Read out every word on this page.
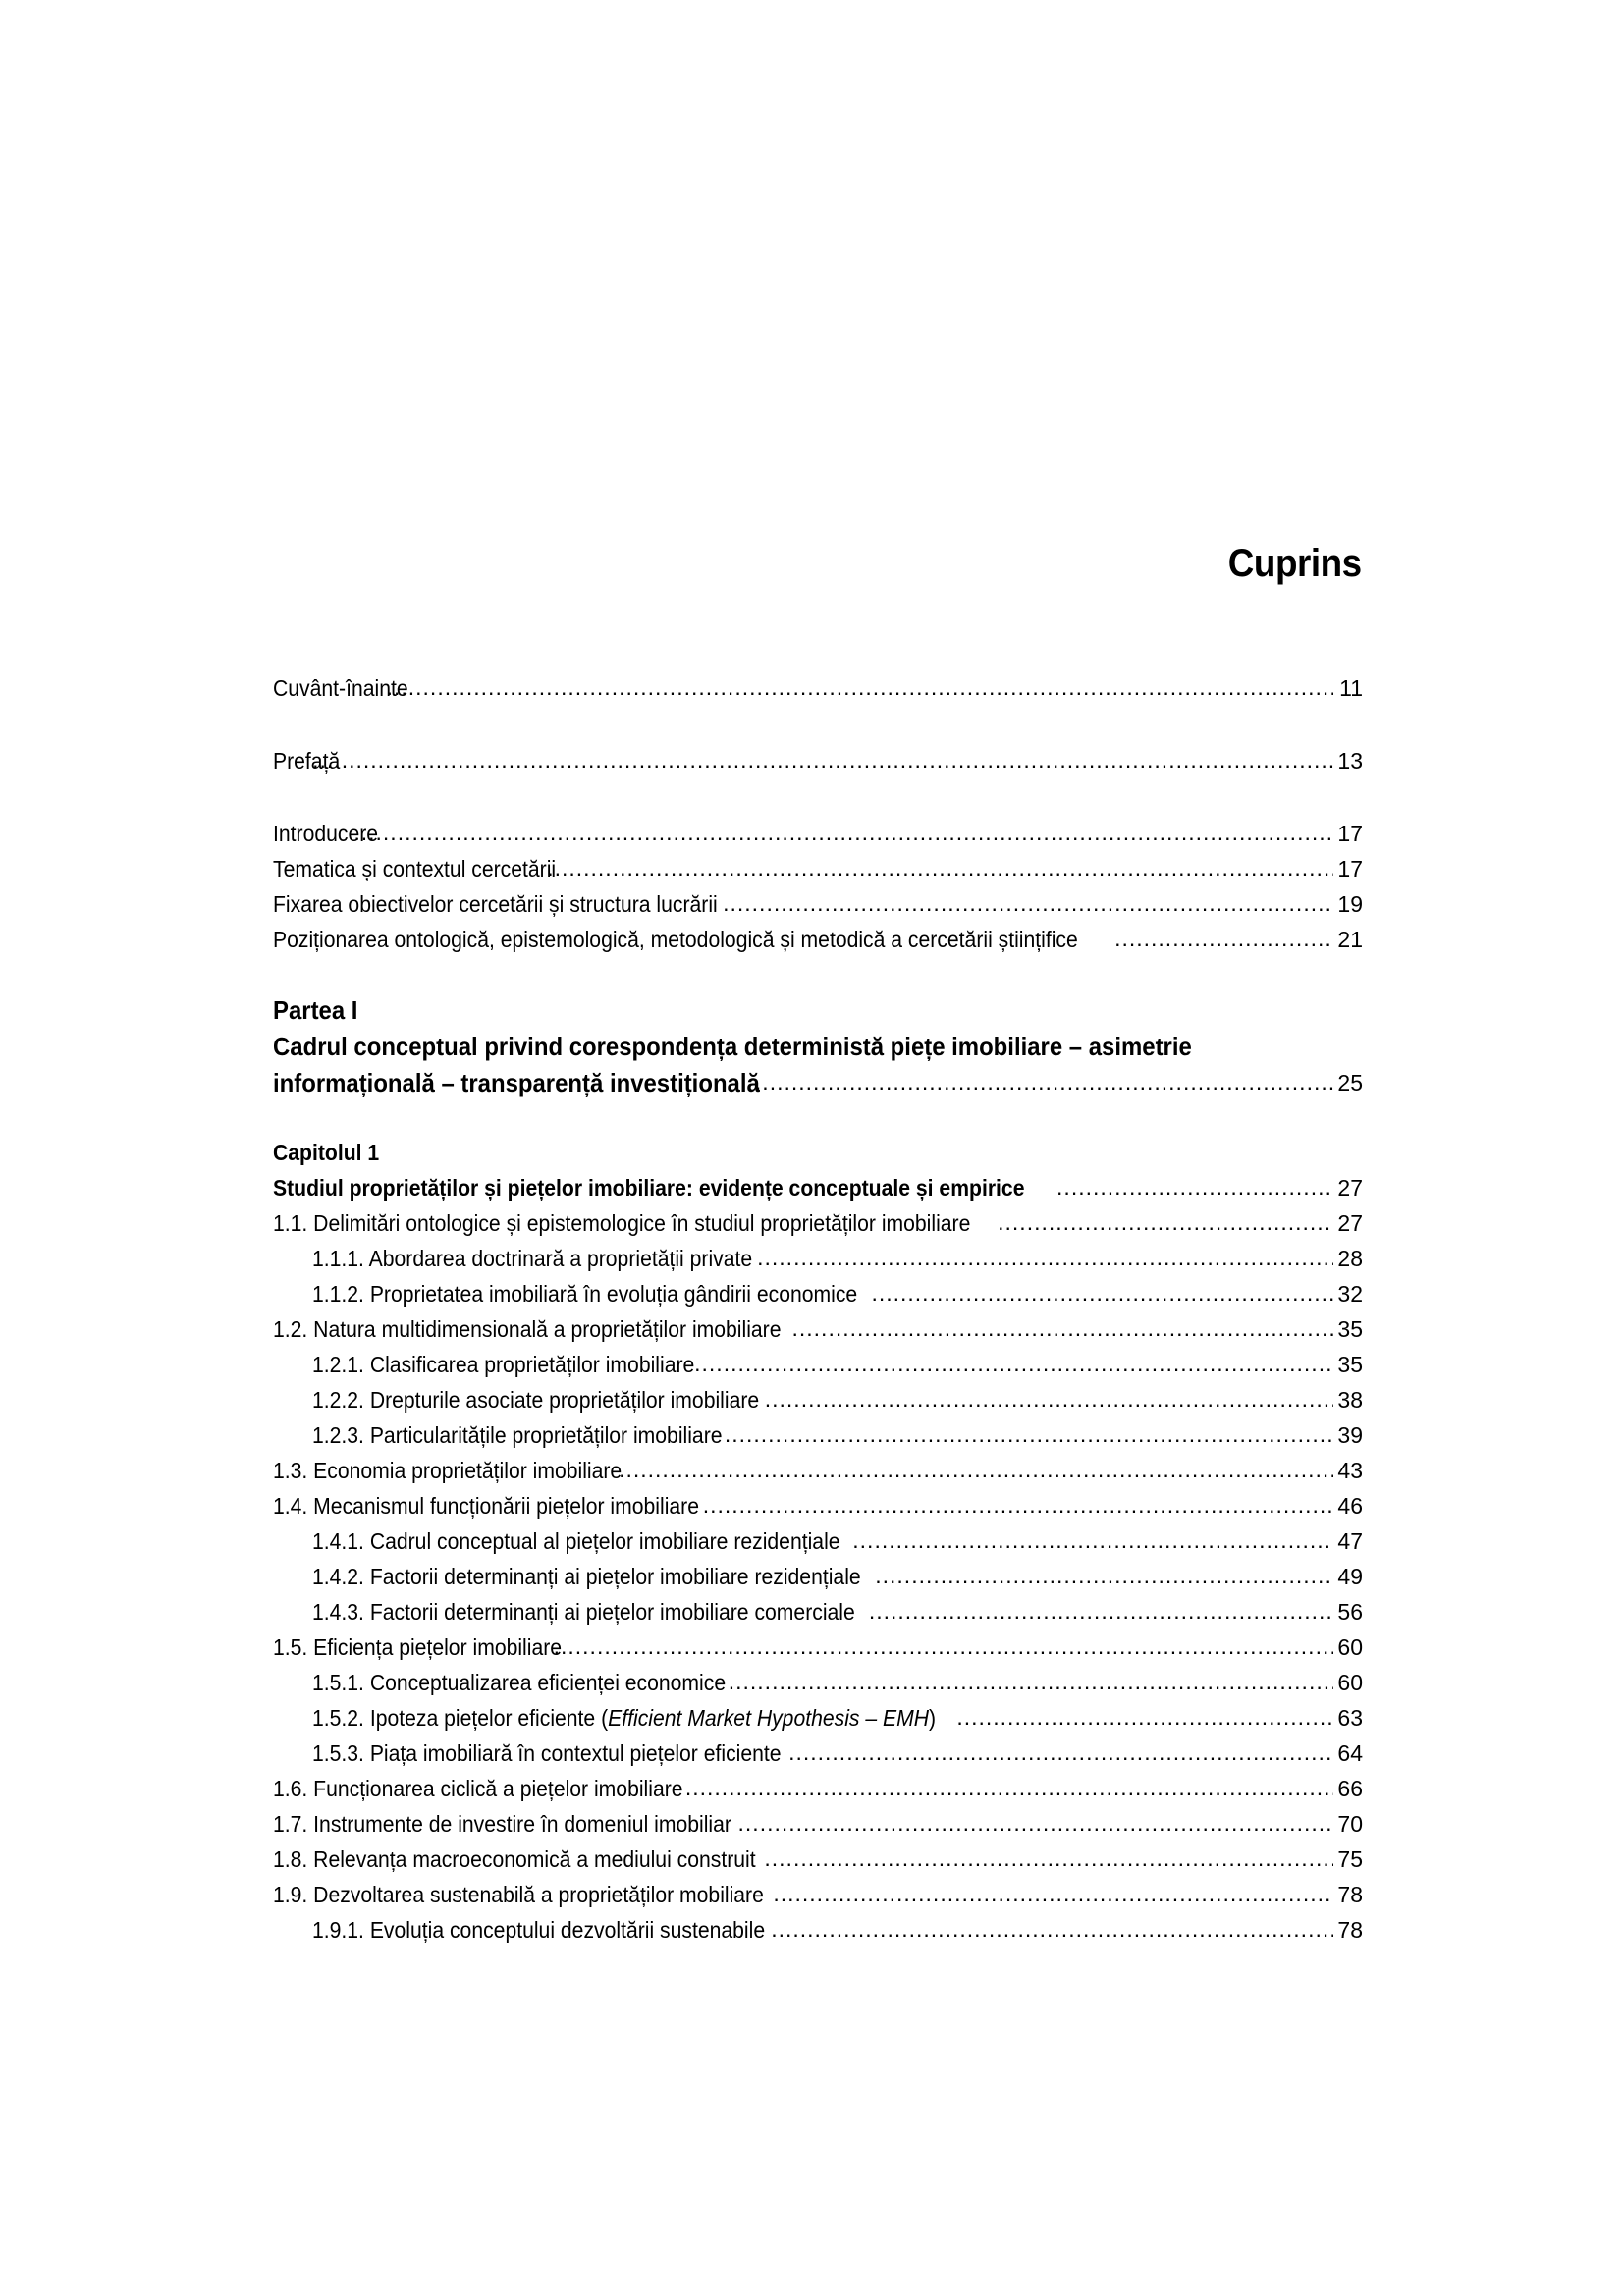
Cuprins
Cuvânt-înainte .....	11
Prefață .....	13
Introducere .....	17
Tematica și contextul cercetării .....	17
Fixarea obiectivelor cercetării și structura lucrării .....	19
Poziționarea ontologică, epistemologică, metodologică și metodică a cercetării științifice .....	21
Partea I
Cadrul conceptual privind corespondența deterministă piețe imobiliare – asimetrie
informațională – transparență investițională .....	25
Capitolul 1
Studiul proprietăților și piețelor imobiliare: evidențe conceptuale și empirice .....	27
1.1. Delimitări ontologice și epistemologice în studiul proprietăților imobiliare .....	27
1.1.1. Abordarea doctrinară a proprietății private .....	28
1.1.2. Proprietatea imobiliară în evoluția gândirii economice .....	32
1.2. Natura multidimensională a proprietăților imobiliare .....	35
1.2.1. Clasificarea proprietăților imobiliare .....	35
1.2.2. Drepturile asociate proprietăților imobiliare .....	38
1.2.3. Particularitățile proprietăților imobiliare .....	39
1.3. Economia proprietăților imobiliare .....	43
1.4. Mecanismul funcționării piețelor imobiliare .....	46
1.4.1. Cadrul conceptual al piețelor imobiliare rezidențiale .....	47
1.4.2. Factorii determinanți ai piețelor imobiliare rezidențiale .....	49
1.4.3. Factorii determinanți ai piețelor imobiliare comerciale .....	56
1.5. Eficiența piețelor imobiliare .....	60
1.5.1. Conceptualizarea eficienței economice .....	60
1.5.2. Ipoteza piețelor eficiente (Efficient Market Hypothesis – EMH) .....	63
1.5.3. Piața imobiliară în contextul piețelor eficiente .....	64
1.6. Funcționarea ciclică a piețelor imobiliare .....	66
1.7. Instrumente de investire în domeniul imobiliar .....	70
1.8. Relevanța macroeconomică a mediului construit .....	75
1.9. Dezvoltarea sustenabilă a proprietăților mobiliare .....	78
1.9.1. Evoluția conceptului dezvoltării sustenabile .....	78
